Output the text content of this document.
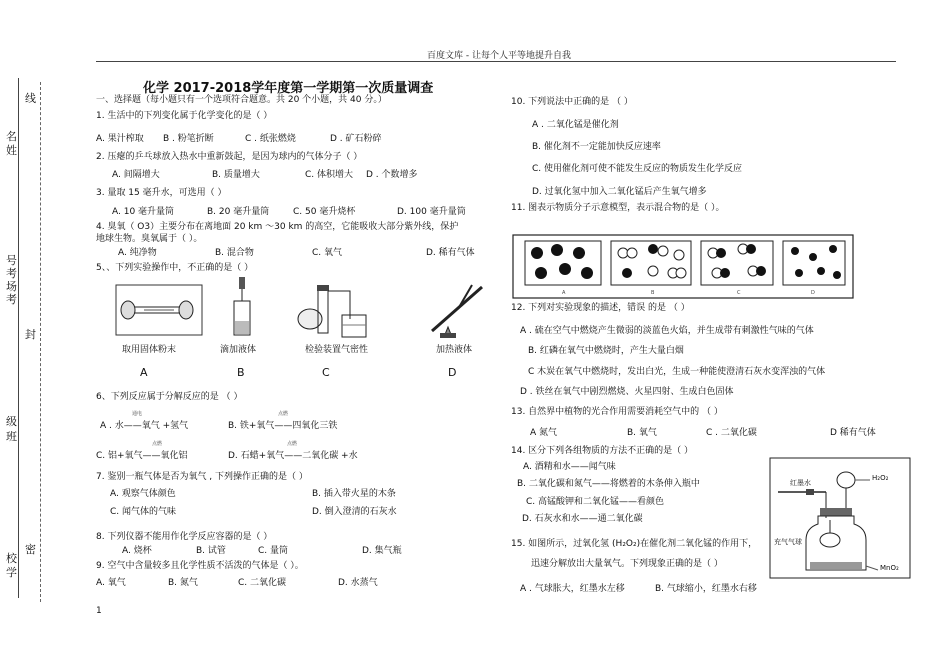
百度文库 - 让每个人平等地提升自我
线
名
姓
号
考
场
考
封
级
班
密
校
学
化学 2017-2018学年度第一学期第一次质量调查
一、选择题（每小题只有一个选项符合题意。共 20 个小题，共 40 分。）
1. 生活中的下列变化属于化学变化的是（ ）
A. 果汁榨取 B . 粉笔折断	C . 纸张燃烧	D . 矿石粉碎
2. 压瘪的乒乓球放入热水中重新鼓起，是因为球内的气体分子（ ）
A. 间隔增大	B. 质量增大	C. 体积增大 D . 个数增多
3. 量取 15 毫升水，可选用（ ）
A. 10 毫升量筒	B. 20 毫升量筒	C. 50 毫升烧杯	D. 100 毫升量筒
4. 臭氧（ O3）主要分布在离地面 20 km ～30 km 的高空，它能吸收大部分紫外线，保护
地球生物。臭氧属于（ ）。
A. 纯净物	B. 混合物	C. 氧气	D. 稀有气体
5、、下列实验操作中，不正确的是（ ）
取用固体粉末	滴加液体	检验装置气密性	加热液体
A	B	C	D
6、下列反应属于分解反应的是 （ ）
通电	点燃
A . 水——氧气 +氢气	B. 铁+氧气——四氧化三铁
点燃	点燃
C. 铝+氧气——氧化铝	D. 石蜡+氧气——二氧化碳 +水
7. 鉴别一瓶气体是否为氧气 , 下列操作正确的是（ ）
A. 观察气体颜色	B. 插入带火星的木条
C. 闻气体的气味	D. 倒入澄清的石灰水
8. 下列仪器不能用作化学反应容器的是（ ）
A. 烧杯	B. 试管	C. 量筒	D. 集气瓶
9. 空气中含量较多且化学性质不活泼的气体是（ ）。
A. 氧气	B. 氮气	C. 二氧化碳	D. 水蒸气
1
10. 下列说法中正确的是 （ ）
A . 二氧化锰是催化剂
B. 催化剂不一定能加快反应速率
C. 使用催化剂可使不能发生反应的物质发生化学反应
D. 过氧化氢中加入二氧化锰后产生氧气增多
11. 图表示物质分子示意模型，表示混合物的是（ ）。
A	B	C	D
12. 下列对实验现象的描述，错误 的是 （ ）
A . 硫在空气中燃烧产生微弱的淡蓝色火焰，并生成带有刺激性气味的气体
B. 红磷在氧气中燃烧时，产生大量白烟
C 木炭在氧气中燃烧时，发出白光，生成一种能使澄清石灰水变浑浊的气体
D . 铁丝在氧气中剧烈燃烧、火星四射、生成白色固体
13. 自然界中植物的光合作用需要消耗空气中的 （ ）
A 氮气	B. 氧气	C . 二氧化碳	D 稀有气体
14. 区分下列各组物质的方法不正确的是（ ）
A. 酒精和水——闻气味
B. 二氧化碳和氮气——将燃着的木条伸入瓶中
C. 高锰酸钾和二氧化锰——看颜色
D. 石灰水和水——通二氧化碳
15. 如图所示，过氧化氢 (H₂O₂)在催化剂二氧化锰的作用下，
迅速分解放出大量氧气。下列现象正确的是（ ）
A . 气球胀大，红墨水左移	B. 气球缩小，红墨水右移
红墨水
H₂O₂
充气气球
MnO₂
